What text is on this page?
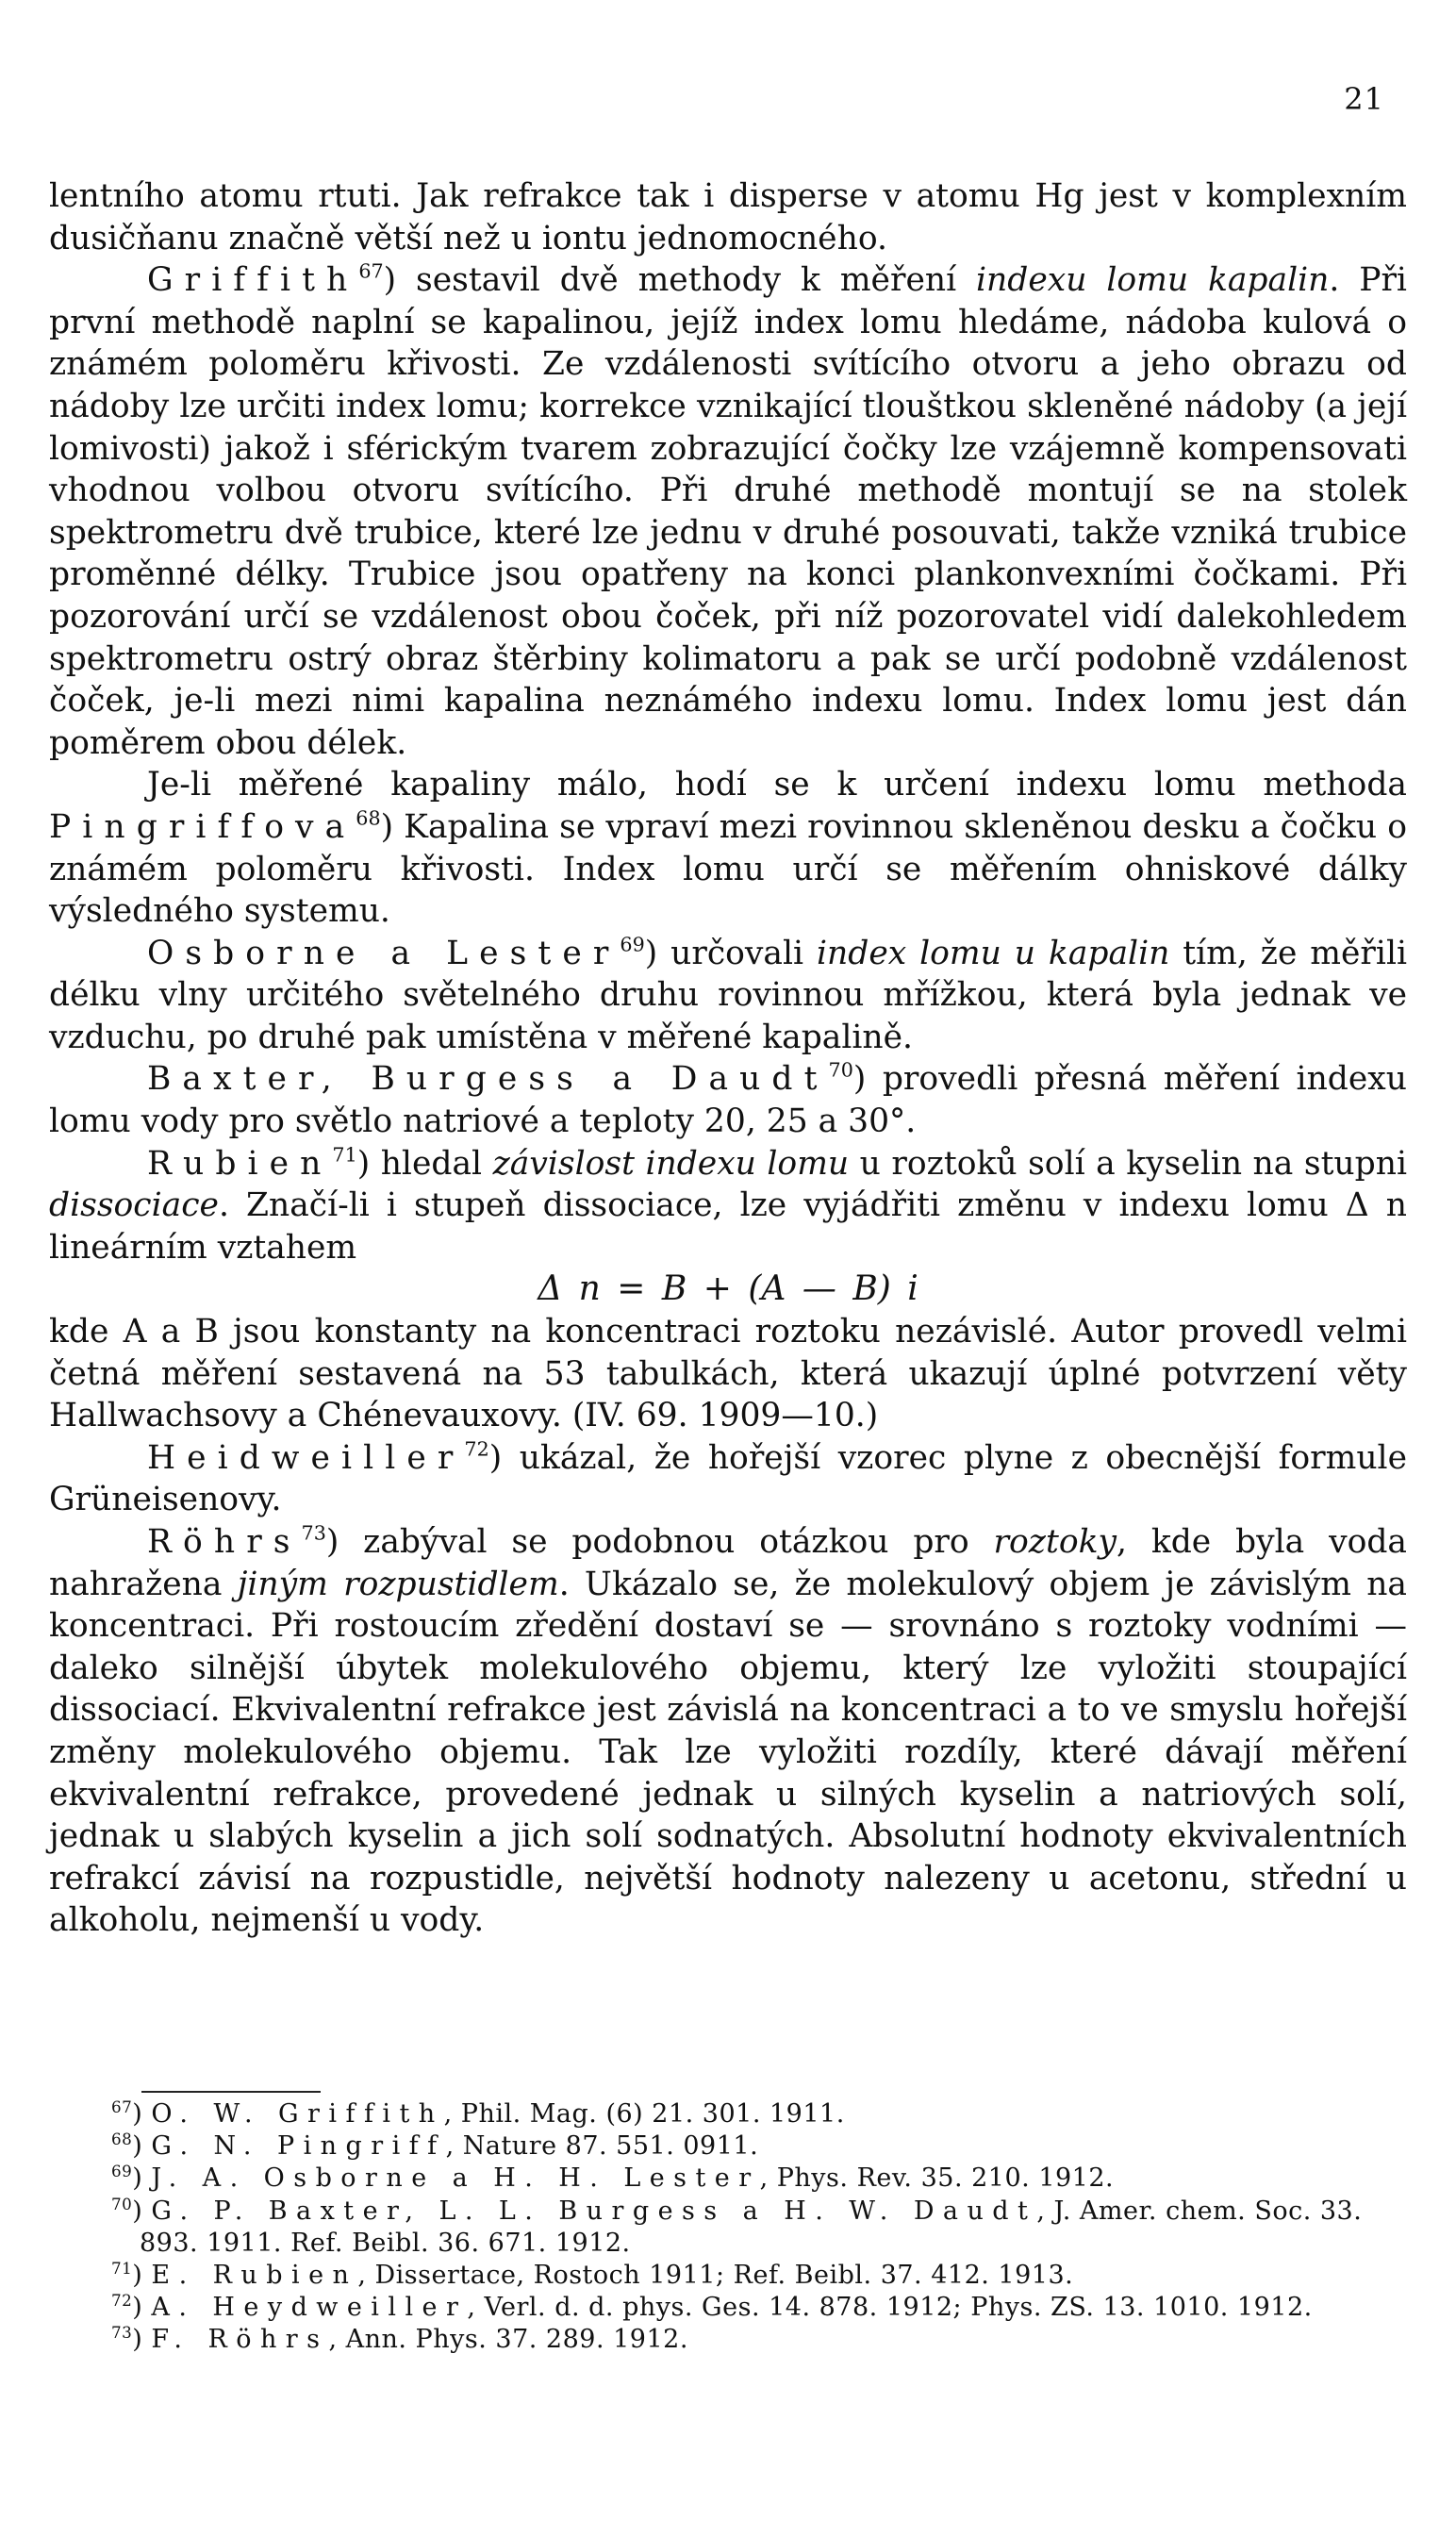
21

lentního atomu rtuti. Jak refrakce tak i disperse v atomu Hg jest v komplexním dusičňanu značně větší než u iontu jednomocného.

Griffith$^{67}$) sestavil dvě methody k měření indexu lomu kapalin. Při první methodě naplní se kapalinou, jejíž index lomu hledáme, nádoba kulová o známém poloměru křivosti. Ze vzdálenosti svítícího otvoru a jeho obrazu od nádoby lze určiti index lomu; korrekce vznikající tlouštkou skleněné nádoby (a její lomivosti) jakož i sférickým tvarem zobrazující čočky lze vzájemně kompensovati vhodnou volbou otvoru svítícího. Při druhé methodě montují se na stolek spektrometru dvě trubice, které lze jednu v druhé posouvati, takže vzniká trubice proměnné délky. Trubice jsou opatřeny na konci plankonvexními čočkami. Při pozorování určí se vzdálenost obou čoček, při níž pozorovatel vidí dalekohledem spektrometru ostrý obraz štěrbiny kolimatoru a pak se určí podobně vzdálenost čoček, je-li mezi nimi kapalina neznámého indexu lomu. Index lomu jest dán poměrem obou délek.

Je-li měřené kapaliny málo, hodí se k určení indexu lomu methoda Pingriffova$^{68}$) Kapalina se vpraví mezi rovinnou skleněnou desku a čočku o známém poloměru křivosti. Index lomu určí se měřením ohniskové dálky výsledného systemu.

Osborne a Lester$^{69}$) určovali index lomu u kapalin tím, že měřili délku vlny určitého světelného druhu rovinnou mřížkou, která byla jednak ve vzduchu, po druhé pak umístěna v měřené kapalině.

Baxter, Burgess a Daudt$^{70}$) provedli přesná měření indexu lomu vody pro světlo natriové a teploty 20, 25 a 30°.

Rubien$^{71}$) hledal závislost indexu lomu u roztoků solí a kyselin na stupni dissociace. Značí-li i stupeň dissociace, lze vyjádřiti změnu v indexu lomu Δ n lineárním vztahem

Δ n = B + (A — B) i

kde A a B jsou konstanty na koncentraci roztoku nezávislé. Autor provedl velmi četná měření sestavená na 53 tabulkách, která ukazují úplné potvrzení věty Hallwachsovy a Chénevauxovy. (IV. 69. 1909—10.)

Heidweiller$^{72}$) ukázal, že hořejší vzorec plyne z obecnější formule Grüneisenovy.

Röhrs$^{73}$) zabýval se podobnou otázkou pro roztoky, kde byla voda nahražena jiným rozpustidlem. Ukázalo se, že molekulový objem je závislým na koncentraci. Při rostoucím zředění dostaví se — srovnáno s roztoky vodními — daleko silnější úbytek molekulového objemu, který lze vyložiti stoupající dissociací. Ekvivalentní refrakce jest závislá na koncentraci a to ve smyslu hořejší změny molekulového objemu. Tak lze vyložiti rozdíly, které dávají měření ekvivalentní refrakce, provedené jednak u silných kyselin a natriových solí, jednak u slabých kyselin a jich solí sodnatých. Absolutní hodnoty ekvivalentních refrakcí závisí na rozpustidle, největší hodnoty nalezeny u acetonu, střední u alkoholu, nejmenší u vody.

$^{67}$) O. W. Griffith, Phil. Mag. (6) 21. 301. 1911.

$^{68}$) G. N. Pingriff, Nature 87. 551. 0911.

$^{69}$) J. A. Osborne a H. H. Lester, Phys. Rev. 35. 210. 1912.

$^{70}$) G. P. Baxter, L. L. Burgess a H. W. Daudt, J. Amer. chem. Soc. 33. 893. 1911. Ref. Beibl. 36. 671. 1912.

$^{71}$) E. Rubien, Dissertace, Rostoch 1911; Ref. Beibl. 37. 412. 1913.

$^{72}$) A. Heydweiller, Verl. d. d. phys. Ges. 14. 878. 1912; Phys. ZS. 13. 1010. 1912.

$^{73}$) F. Röhrs, Ann. Phys. 37. 289. 1912.
